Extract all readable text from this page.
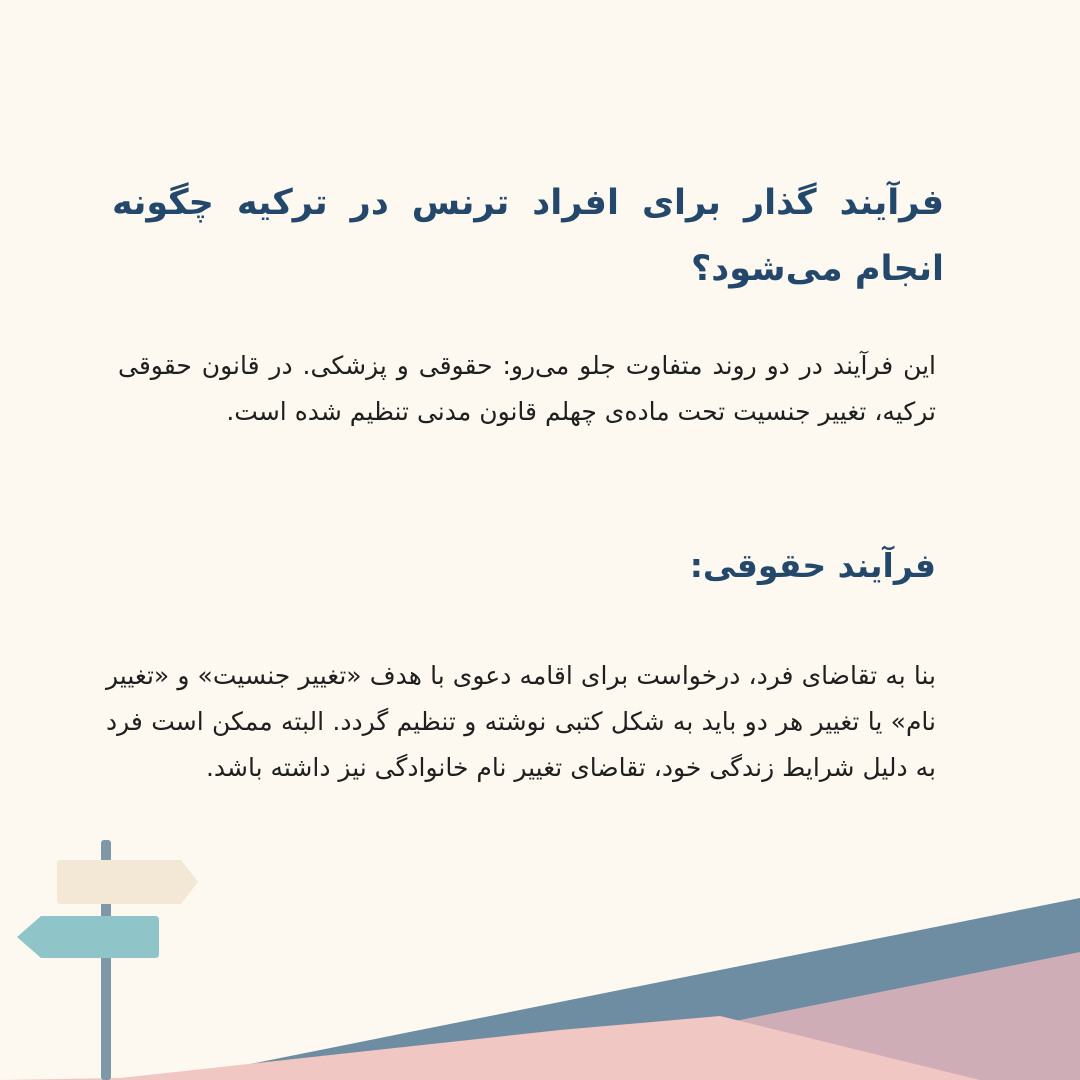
فرآیند گذار برای افراد ترنس در ترکیه چگونه انجام می‌شود؟
این فرآیند در دو روند متفاوت جلو می‌رو: حقوقی و پزشکی. در قانون حقوقی ترکیه، تغییر جنسیت تحت ماده‌ی چهلم قانون مدنی تنظیم شده است.
فرآیند حقوقی:
بنا به تقاضای فرد، درخواست برای اقامه دعوی با هدف «تغییر جنسیت» و «تغییر نام» یا تغییر هر دو باید به شکل کتبی نوشته و تنظیم گردد. البته ممکن است فرد به دلیل شرایط زندگی خود، تقاضای تغییر نام خانوادگی نیز داشته باشد.
